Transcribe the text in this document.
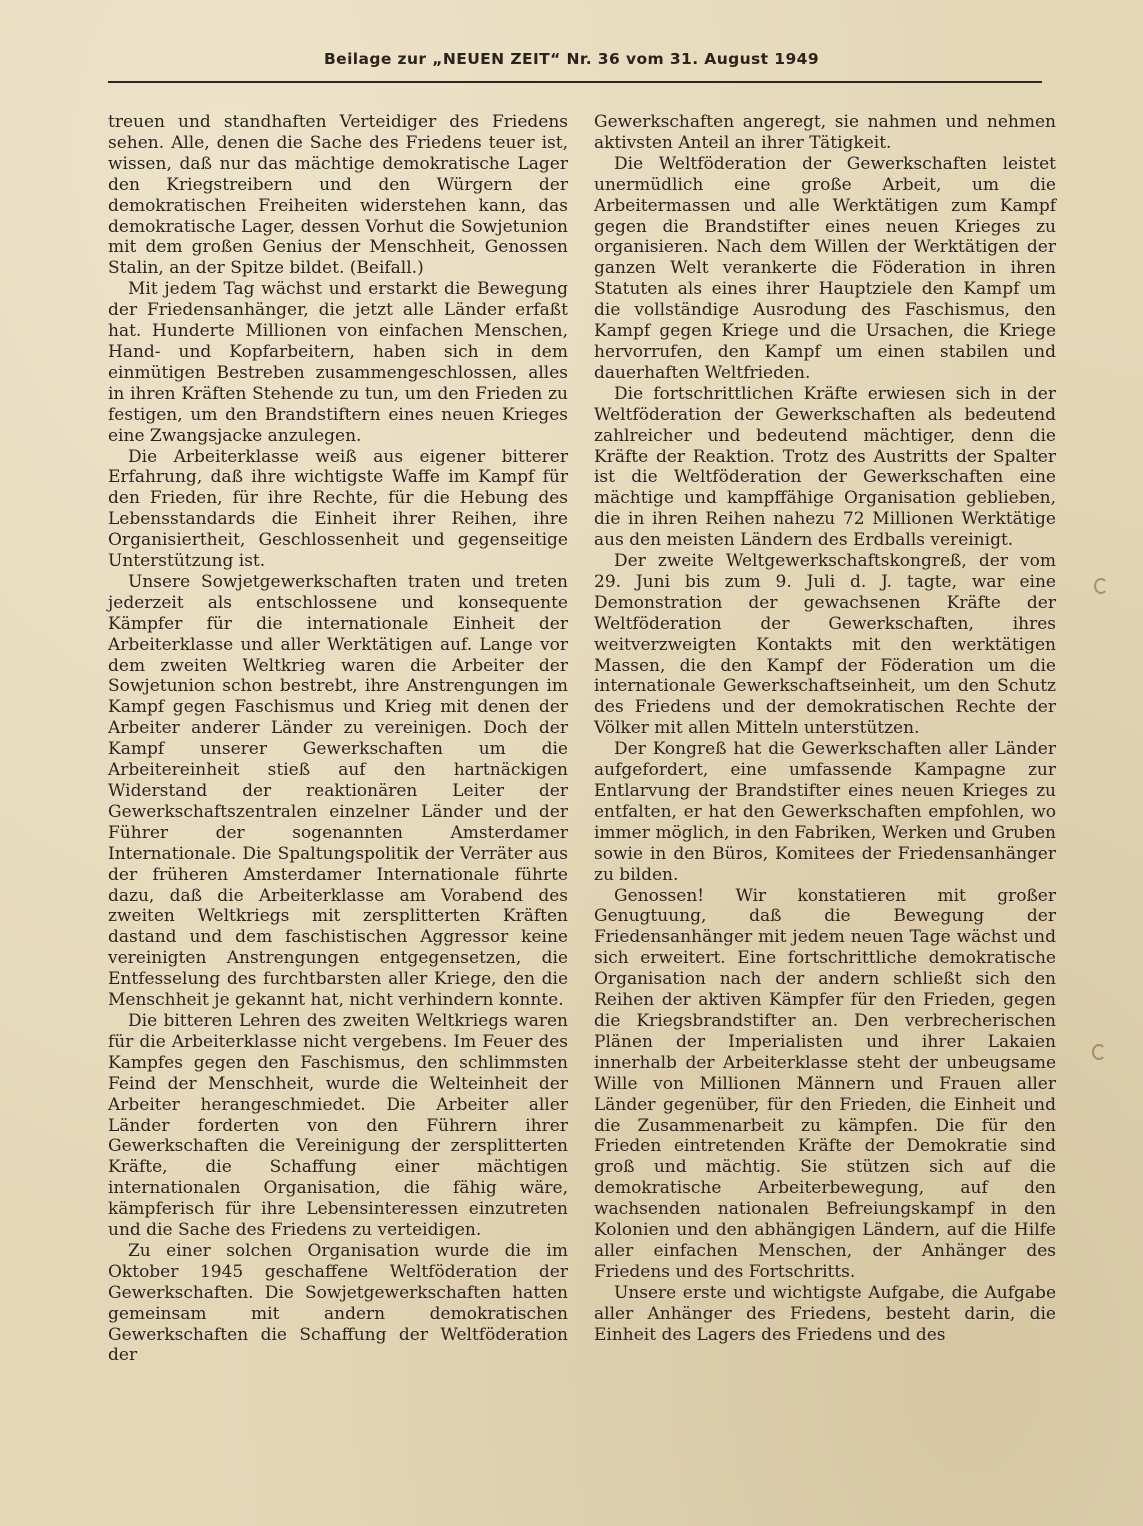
Beilage zur „NEUEN ZEIT“ Nr. 36 vom 31. August 1949

treuen und standhaften Verteidiger des Friedens sehen. Alle, denen die Sache des Friedens teuer ist, wissen, daß nur das mächtige demokratische Lager den Kriegstreibern und den Würgern der demokratischen Freiheiten widerstehen kann, das demokratische Lager, dessen Vorhut die Sowjetunion mit dem großen Genius der Menschheit, Genossen Stalin, an der Spitze bildet. (Beifall.)

Mit jedem Tag wächst und erstarkt die Bewegung der Friedensanhänger, die jetzt alle Länder erfaßt hat. Hunderte Millionen von einfachen Menschen, Hand- und Kopfarbeitern, haben sich in dem einmütigen Bestreben zusammengeschlossen, alles in ihren Kräften Stehende zu tun, um den Frieden zu festigen, um den Brandstiftern eines neuen Krieges eine Zwangsjacke anzulegen.

Die Arbeiterklasse weiß aus eigener bitterer Erfahrung, daß ihre wichtigste Waffe im Kampf für den Frieden, für ihre Rechte, für die Hebung des Lebensstandards die Einheit ihrer Reihen, ihre Organisiertheit, Geschlossenheit und gegenseitige Unterstützung ist.

Unsere Sowjetgewerkschaften traten und treten jederzeit als entschlossene und konsequente Kämpfer für die internationale Einheit der Arbeiterklasse und aller Werktätigen auf. Lange vor dem zweiten Weltkrieg waren die Arbeiter der Sowjetunion schon bestrebt, ihre Anstrengungen im Kampf gegen Faschismus und Krieg mit denen der Arbeiter anderer Länder zu vereinigen. Doch der Kampf unserer Gewerkschaften um die Arbeitereinheit stieß auf den hartnäckigen Widerstand der reaktionären Leiter der Gewerkschaftszentralen einzelner Länder und der Führer der sogenannten Amsterdamer Internationale. Die Spaltungspolitik der Verräter aus der früheren Amsterdamer Internationale führte dazu, daß die Arbeiterklasse am Vorabend des zweiten Weltkriegs mit zersplitterten Kräften dastand und dem faschistischen Aggressor keine vereinigten Anstrengungen entgegensetzen, die Entfesselung des furchtbarsten aller Kriege, den die Menschheit je gekannt hat, nicht verhindern konnte.

Die bitteren Lehren des zweiten Weltkriegs waren für die Arbeiterklasse nicht vergebens. Im Feuer des Kampfes gegen den Faschismus, den schlimmsten Feind der Menschheit, wurde die Welteinheit der Arbeiter herangeschmiedet. Die Arbeiter aller Länder forderten von den Führern ihrer Gewerkschaften die Vereinigung der zersplitterten Kräfte, die Schaffung einer mächtigen internationalen Organisation, die fähig wäre, kämpferisch für ihre Lebensinteressen einzutreten und die Sache des Friedens zu verteidigen.

Zu einer solchen Organisation wurde die im Oktober 1945 geschaffene Weltföderation der Gewerkschaften. Die Sowjetgewerkschaften hatten gemeinsam mit andern demokratischen Gewerkschaften die Schaffung der Weltföderation der

Gewerkschaften angeregt, sie nahmen und nehmen aktivsten Anteil an ihrer Tätigkeit.

Die Weltföderation der Gewerkschaften leistet unermüdlich eine große Arbeit, um die Arbeitermassen und alle Werktätigen zum Kampf gegen die Brandstifter eines neuen Krieges zu organisieren. Nach dem Willen der Werktätigen der ganzen Welt verankerte die Föderation in ihren Statuten als eines ihrer Hauptziele den Kampf um die vollständige Ausrodung des Faschismus, den Kampf gegen Kriege und die Ursachen, die Kriege hervorrufen, den Kampf um einen stabilen und dauerhaften Weltfrieden.

Die fortschrittlichen Kräfte erwiesen sich in der Weltföderation der Gewerkschaften als bedeutend zahlreicher und bedeutend mächtiger, denn die Kräfte der Reaktion. Trotz des Austritts der Spalter ist die Weltföderation der Gewerkschaften eine mächtige und kampffähige Organisation geblieben, die in ihren Reihen nahezu 72 Millionen Werktätige aus den meisten Ländern des Erdballs vereinigt.

Der zweite Weltgewerkschaftskongreß, der vom 29. Juni bis zum 9. Juli d. J. tagte, war eine Demonstration der gewachsenen Kräfte der Weltföderation der Gewerkschaften, ihres weitverzweigten Kontakts mit den werktätigen Massen, die den Kampf der Föderation um die internationale Gewerkschaftseinheit, um den Schutz des Friedens und der demokratischen Rechte der Völker mit allen Mitteln unterstützen.

Der Kongreß hat die Gewerkschaften aller Länder aufgefordert, eine umfassende Kampagne zur Entlarvung der Brandstifter eines neuen Krieges zu entfalten, er hat den Gewerkschaften empfohlen, wo immer möglich, in den Fabriken, Werken und Gruben sowie in den Büros, Komitees der Friedensanhänger zu bilden.

Genossen! Wir konstatieren mit großer Genugtuung, daß die Bewegung der Friedensanhänger mit jedem neuen Tage wächst und sich erweitert. Eine fortschrittliche demokratische Organisation nach der andern schließt sich den Reihen der aktiven Kämpfer für den Frieden, gegen die Kriegsbrandstifter an. Den verbrecherischen Plänen der Imperialisten und ihrer Lakaien innerhalb der Arbeiterklasse steht der unbeugsame Wille von Millionen Männern und Frauen aller Länder gegenüber, für den Frieden, die Einheit und die Zusammenarbeit zu kämpfen. Die für den Frieden eintretenden Kräfte der Demokratie sind groß und mächtig. Sie stützen sich auf die demokratische Arbeiterbewegung, auf den wachsenden nationalen Befreiungskampf in den Kolonien und den abhängigen Ländern, auf die Hilfe aller einfachen Menschen, der Anhänger des Friedens und des Fortschritts.

Unsere erste und wichtigste Aufgabe, die Aufgabe aller Anhänger des Friedens, besteht darin, die Einheit des Lagers des Friedens und des
